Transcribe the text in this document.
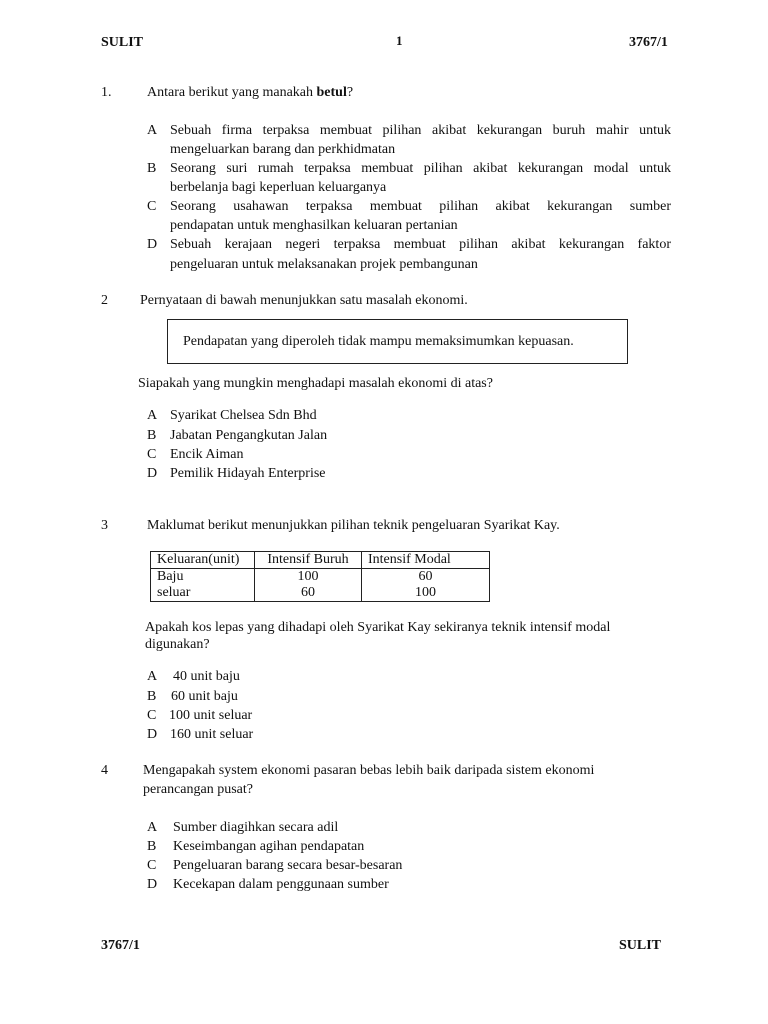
SULIT	1	3767/1
1.	Antara berikut yang manakah betul?
A Sebuah firma terpaksa membuat pilihan akibat kekurangan buruh mahir untuk
mengeluarkan barang dan perkhidmatan
B Seorang suri rumah terpaksa membuat pilihan akibat kekurangan modal untuk
berbelanja bagi keperluan keluarganya
C Seorang usahawan terpaksa membuat pilihan akibat kekurangan sumber
pendapatan untuk menghasilkan keluaran pertanian
D Sebuah kerajaan negeri terpaksa membuat pilihan akibat kekurangan faktor
pengeluaran untuk melaksanakan projek pembangunan
2 Pernyataan di bawah menunjukkan satu masalah ekonomi.
Pendapatan yang diperoleh tidak mampu memaksimumkan kepuasan.
Siapakah yang mungkin menghadapi masalah ekonomi di atas?
A Syarikat Chelsea Sdn Bhd
B Jabatan Pengangkutan Jalan
C Encik Aiman
D Pemilik Hidayah Enterprise
3	Maklumat berikut menunjukkan pilihan teknik pengeluaran Syarikat Kay.
Keluaran(unit)	Intensif Buruh	Intensif Modal
Baju	100	60
seluar	60	100
Apakah kos lepas yang dihadapi oleh Syarikat Kay sekiranya teknik intensif modal
digunakan?
A 40 unit baju
B 60 unit baju
C 100 unit seluar
D 160 unit seluar
4	Mengapakah system ekonomi pasaran bebas lebih baik daripada sistem ekonomi
perancangan pusat?
A Sumber diagihkan secara adil
B Keseimbangan agihan pendapatan
C Pengeluaran barang secara besar-besaran
D Kecekapan dalam penggunaan sumber
3767/1	SULIT
